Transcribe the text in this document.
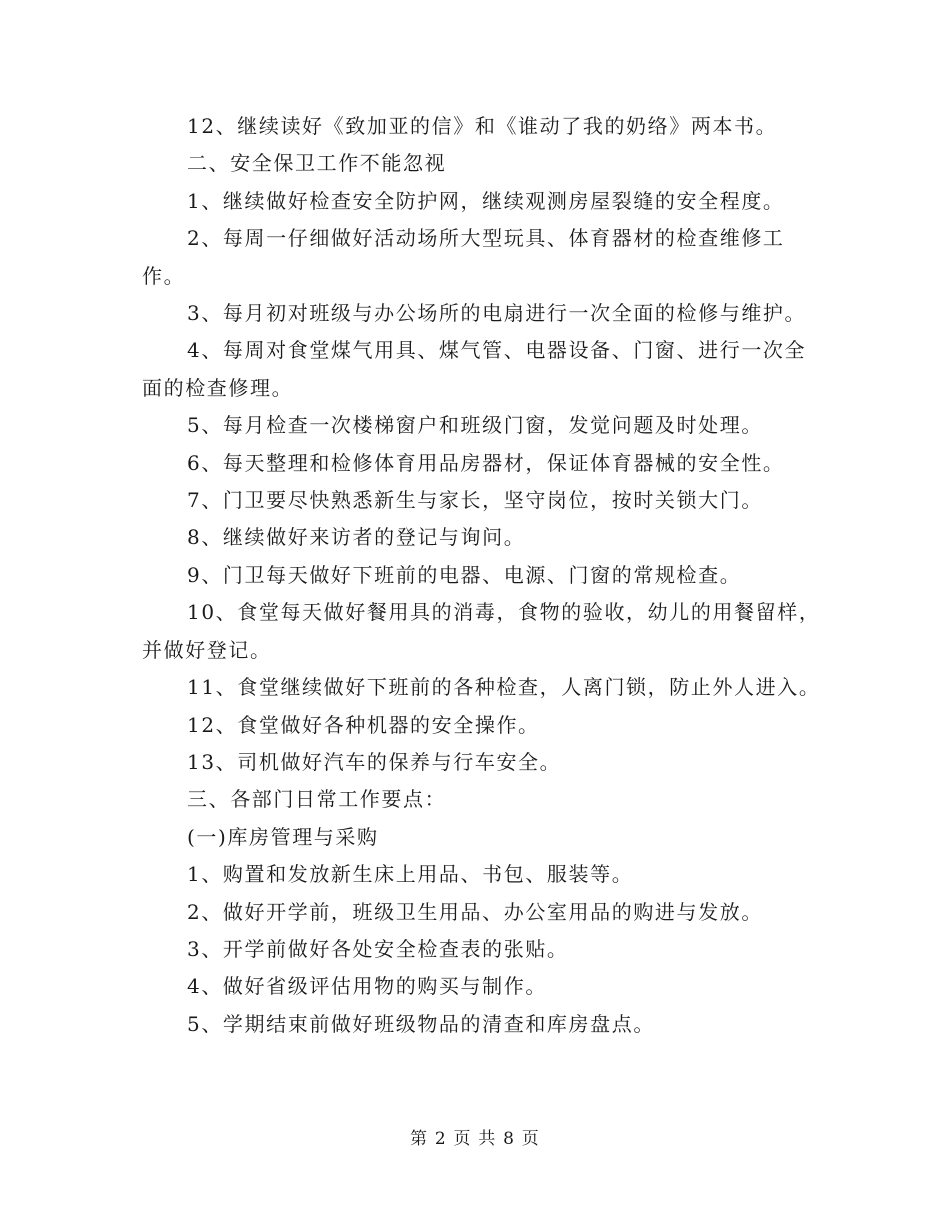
12、继续读好《致加亚的信》和《谁动了我的奶络》两本书。

二、安全保卫工作不能忽视

1、继续做好检查安全防护网，继续观测房屋裂缝的安全程度。

2、每周一仔细做好活动场所大型玩具、体育器材的检查维修工作。

3、每月初对班级与办公场所的电扇进行一次全面的检修与维护。

4、每周对食堂煤气用具、煤气管、电器设备、门窗、进行一次全面的检查修理。

5、每月检查一次楼梯窗户和班级门窗，发觉问题及时处理。

6、每天整理和检修体育用品房器材，保证体育器械的安全性。

7、门卫要尽快熟悉新生与家长，坚守岗位，按时关锁大门。

8、继续做好来访者的登记与询问。

9、门卫每天做好下班前的电器、电源、门窗的常规检查。

10、食堂每天做好餐用具的消毒，食物的验收，幼儿的用餐留样，并做好登记。

11、食堂继续做好下班前的各种检查，人离门锁，防止外人进入。

12、食堂做好各种机器的安全操作。

13、司机做好汽车的保养与行车安全。

三、各部门日常工作要点：

(一)库房管理与采购

1、购置和发放新生床上用品、书包、服装等。

2、做好开学前，班级卫生用品、办公室用品的购进与发放。

3、开学前做好各处安全检查表的张贴。

4、做好省级评估用物的购买与制作。

5、学期结束前做好班级物品的清查和库房盘点。

第 2 页 共 8 页
